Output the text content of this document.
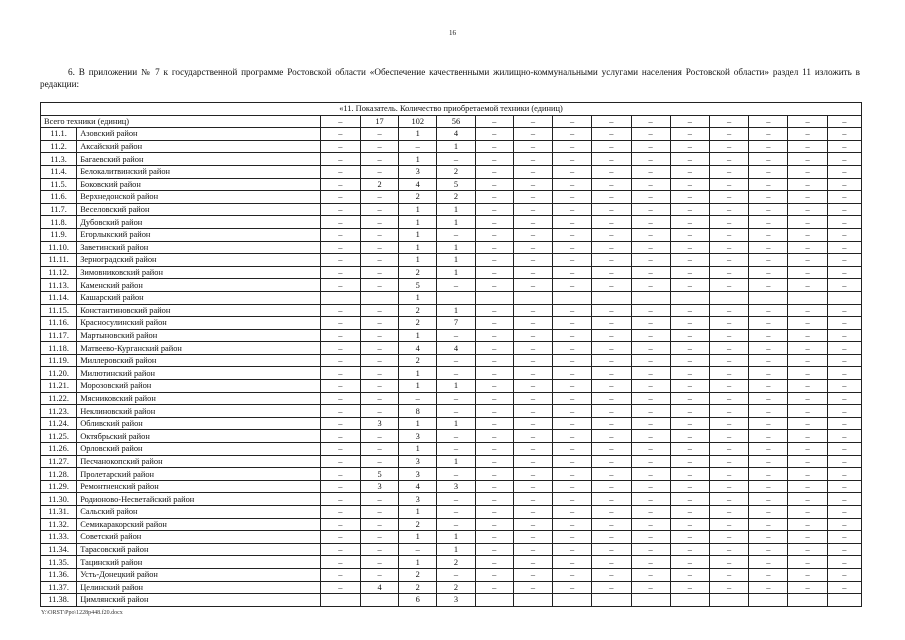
16
6. В приложении № 7 к государственной программе Ростовской области «Обеспечение качественными жилищно-коммунальными услугами населения Ростовской области» раздел 11 изложить в редакции:
«11. Показатель. Количество приобретаемой техники (единиц)															
Всего техники (единиц)		–	17	102	56	–	–	–	–	–	–	–	–	–	–
11.1.	Азовский район	–	–	1	4	–	–	–	–	–	–	–	–	–	–
11.2.	Аксайский район	–	–	–	1	–	–	–	–	–	–	–	–	–	–
11.3.	Багаевский район	–	–	1	–	–	–	–	–	–	–	–	–	–	–
11.4.	Белокалитвинский район	–	–	3	2	–	–	–	–	–	–	–	–	–	–
11.5.	Боковский район	–	2	4	5	–	–	–	–	–	–	–	–	–	–
11.6.	Верхнедонской район	–	–	2	2	–	–	–	–	–	–	–	–	–	–
11.7.	Веселовский район	–	–	1	1	–	–	–	–	–	–	–	–	–	–
11.8.	Дубовский район	–	–	1	1	–	–	–	–	–	–	–	–	–	–
11.9.	Егорлыкский район	–	–	1	–	–	–	–	–	–	–	–	–	–	–
11.10.	Заветинский район	–	–	1	1	–	–	–	–	–	–	–	–	–	–
11.11.	Зерноградский район	–	–	1	1	–	–	–	–	–	–	–	–	–	–
11.12.	Зимовниковский район	–	–	2	1	–	–	–	–	–	–	–	–	–	–
11.13.	Каменский район	–	–	5	–	–	–	–	–	–	–	–	–	–	–
11.14.	Кашарский район			1											
11.15.	Константиновский район	–	–	2	1	–	–	–	–	–	–	–	–	–	–
11.16.	Красносулинский район	–	–	2	7	–	–	–	–	–	–	–	–	–	–
11.17.	Мартыновский район	–	–	1	–	–	–	–	–	–	–	–	–	–	–
11.18.	Матвеево-Курганский район	–	–	4	4	–	–	–	–	–	–	–	–	–	–
11.19.	Миллеровский район	–	–	2	–	–	–	–	–	–	–	–	–	–	–
11.20.	Милютинский район	–	–	1	–	–	–	–	–	–	–	–	–	–	–
11.21.	Морозовский район	–	–	1	1	–	–	–	–	–	–	–	–	–	–
11.22.	Мясниковский район	–	–	–	–	–	–	–	–	–	–	–	–	–	–
11.23.	Неклиновский район	–	–	8	–	–	–	–	–	–	–	–	–	–	–
11.24.	Обливский район	–	3	1	1	–	–	–	–	–	–	–	–	–	–
11.25.	Октябрьский район	–	–	3	–	–	–	–	–	–	–	–	–	–	–
11.26.	Орловский район	–	–	1	–	–	–	–	–	–	–	–	–	–	–
11.27.	Песчанокопский район	–	–	3	1	–	–	–	–	–	–	–	–	–	–
11.28.	Пролетарский район	–	5	3	–	–	–	–	–	–	–	–	–	–	–
11.29.	Ремонтненский район	–	3	4	3	–	–	–	–	–	–	–	–	–	–
11.30.	Родионово-Несветайский район	–	–	3	–	–	–	–	–	–	–	–	–	–	–
11.31.	Сальский район	–	–	1	–	–	–	–	–	–	–	–	–	–	–
11.32.	Семикаракорский район	–	–	2	–	–	–	–	–	–	–	–	–	–	–
11.33.	Советский район	–	–	1	1	–	–	–	–	–	–	–	–	–	–
11.34.	Тарасовский район	–	–	–	1	–	–	–	–	–	–	–	–	–	–
11.35.	Тацинский район	–	–	1	2	–	–	–	–	–	–	–	–	–	–
11.36.	Усть-Донецкий район	–	–	2	–	–	–	–	–	–	–	–	–	–	–
11.37.	Целинский район	–	4	2	2	–	–	–	–	–	–	–	–	–	–
11.38.	Цимлянский район			6	3										
Y:\ORST\Ppo\1228p448.f20.docx
